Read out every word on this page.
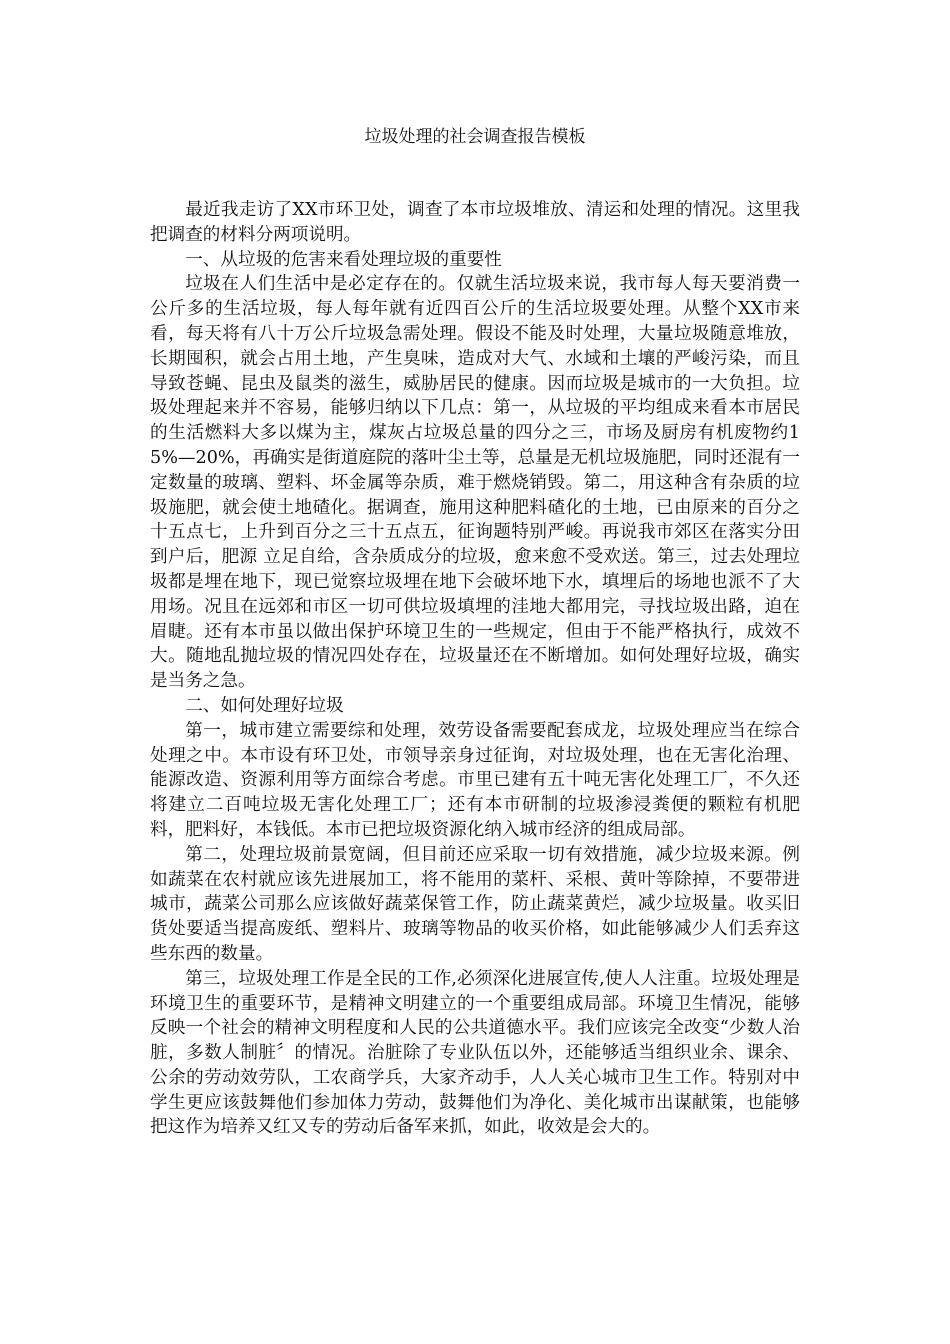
垃圾处理的社会调查报告模板

最近我走访了XX市环卫处，调查了本市垃圾堆放、清运和处理的情况。这里我把调查的材料分两项说明。

一、从垃圾的危害来看处理垃圾的重要性

垃圾在人们生活中是必定存在的。仅就生活垃圾来说，我市每人每天要消费一公斤多的生活垃圾，每人每年就有近四百公斤的生活垃圾要处理。从整个XX市来看，每天将有八十万公斤垃圾急需处理。假设不能及时处理，大量垃圾随意堆放，长期囤积，就会占用土地，产生臭味，造成对大气、水域和土壤的严峻污染，而且导致苍蝇、昆虫及鼠类的滋生，威胁居民的健康。因而垃圾是城市的一大负担。垃圾处理起来并不容易，能够归纳以下几点：第一，从垃圾的平均组成来看本市居民的生活燃料大多以煤为主，煤灰占垃圾总量的四分之三，市场及厨房有机废物约15%—20%，再确实是街道庭院的落叶尘土等，总量是无机垃圾施肥，同时还混有一定数量的玻璃、塑料、坏金属等杂质，难于燃烧销毁。第二，用这种含有杂质的垃圾施肥，就会使土地碴化。据调查，施用这种肥料碴化的土地，已由原来的百分之十五点七，上升到百分之三十五点五，征询题特别严峻。再说我市郊区在落实分田到户后，肥源 立足自给，含杂质成分的垃圾，愈来愈不受欢送。第三，过去处理垃圾都是埋在地下，现已觉察垃圾埋在地下会破坏地下水，填埋后的场地也派不了大用场。况且在远郊和市区一切可供垃圾填埋的洼地大都用完，寻找垃圾出路，迫在眉睫。还有本市虽以做出保护环境卫生的一些规定，但由于不能严格执行，成效不大。随地乱抛垃圾的情况四处存在，垃圾量还在不断增加。如何处理好垃圾，确实是当务之急。

二、如何处理好垃圾

第一，城市建立需要综和处理，效劳设备需要配套成龙，垃圾处理应当在综合处理之中。本市设有环卫处，市领导亲身过征询，对垃圾处理，也在无害化治理、能源改造、资源利用等方面综合考虑。市里已建有五十吨无害化处理工厂，不久还将建立二百吨垃圾无害化处理工厂；还有本市研制的垃圾渗浸粪便的颗粒有机肥料，肥料好，本钱低。本市已把垃圾资源化纳入城市经济的组成局部。

第二，处理垃圾前景宽阔，但目前还应采取一切有效措施，减少垃圾来源。例如蔬菜在农村就应该先进展加工，将不能用的菜杆、采根、黄叶等除掉，不要带进城市，蔬菜公司那么应该做好蔬菜保管工作，防止蔬菜黄烂，减少垃圾量。收买旧货处要适当提高废纸、塑料片、玻璃等物品的收买价格，如此能够减少人们丢弃这些东西的数量。

第三，垃圾处理工作是全民的工作,必须深化进展宣传,使人人注重。垃圾处理是环境卫生的重要环节，是精神文明建立的一个重要组成局部。环境卫生情况，能够反映一个社会的精神文明程度和人民的公共道德水平。我们应该完全改变“少数人治脏，多数人制脏〞的情况。治脏除了专业队伍以外，还能够适当组织业余、课余、公余的劳动效劳队，工农商学兵，大家齐动手，人人关心城市卫生工作。特别对中学生更应该鼓舞他们参加体力劳动，鼓舞他们为净化、美化城市出谋献策，也能够把这作为培养又红又专的劳动后备军来抓，如此，收效是会大的。
